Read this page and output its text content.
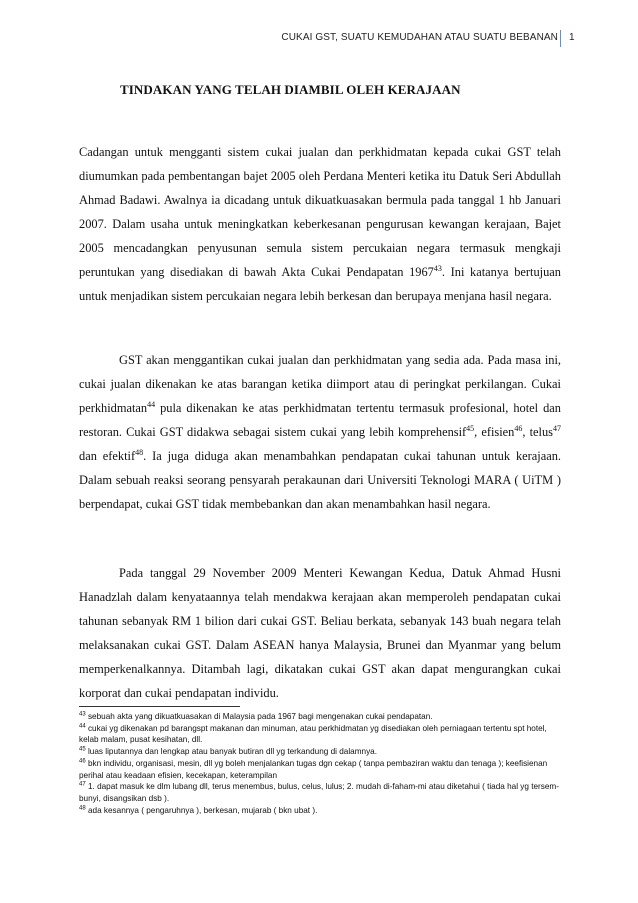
CUKAI GST, SUATU KEMUDAHAN ATAU SUATU BEBANAN 1
TINDAKAN YANG TELAH DIAMBIL OLEH KERAJAAN

Cadangan untuk mengganti sistem cukai jualan dan perkhidmatan kepada cukai GST telah diumumkan pada pembentangan bajet 2005 oleh Perdana Menteri ketika itu Datuk Seri Abdullah Ahmad Badawi. Awalnya ia dicadang untuk dikuatkuasakan bermula pada tanggal 1 hb Januari 2007. Dalam usaha untuk meningkatkan keberkesanan pengurusan kewangan kerajaan, Bajet 2005 mencadangkan penyusunan semula sistem percukaian negara termasuk mengkaji peruntukan yang disediakan di bawah Akta Cukai Pendapatan 1967$^{43}$. Ini katanya bertujuan untuk menjadikan sistem percukaian negara lebih berkesan dan berupaya menjana hasil negara.

GST akan menggantikan cukai jualan dan perkhidmatan yang sedia ada. Pada masa ini, cukai jualan dikenakan ke atas barangan ketika diimport atau di peringkat perkilangan. Cukai perkhidmatan$^{44}$ pula dikenakan ke atas perkhidmatan tertentu termasuk profesional, hotel dan restoran. Cukai GST didakwa sebagai sistem cukai yang lebih komprehensif$^{45}$, efisien$^{46}$, telus$^{47}$ dan efektif$^{48}$. Ia juga diduga akan menambahkan pendapatan cukai tahunan untuk kerajaan. Dalam sebuah reaksi seorang pensyarah perakaunan dari Universiti Teknologi MARA ( UiTM ) berpendapat, cukai GST tidak membebankan dan akan menambahkan hasil negara.

Pada tanggal 29 November 2009 Menteri Kewangan Kedua, Datuk Ahmad Husni Hanadzlah dalam kenyataannya telah mendakwa kerajaan akan memperoleh pendapatan cukai tahunan sebanyak RM 1 bilion dari cukai GST. Beliau berkata, sebanyak 143 buah negara telah melaksanakan cukai GST. Dalam ASEAN hanya Malaysia, Brunei dan Myanmar yang belum memperkenalkannya. Ditambah lagi, dikatakan cukai GST akan dapat mengurangkan cukai korporat dan cukai pendapatan individu.

$^{43}$ sebuah akta yang dikuatkuasakan di Malaysia pada 1967 bagi mengenakan cukai pendapatan.

$^{44}$ cukai yg dikenakan pd barangspt makanan dan minuman, atau perkhidmatan yg disediakan oleh perniagaan tertentu spt hotel, kelab malam, pusat kesihatan, dll.

$^{45}$ luas liputannya dan lengkap atau banyak butiran dll yg terkandung di dalamnya.

$^{46}$ bkn individu, organisasi, mesin, dll yg boleh menjalankan tugas dgn cekap ( tanpa pembaziran waktu dan tenaga ); keefisienan perihal atau keadaan efisien, kecekapan, keterampilan

$^{47}$ 1. dapat masuk ke dlm lubang dll, terus menembus, bulus, celus, lulus; 2. mudah di-faham-mi atau diketahui ( tiada hal yg tersem-bunyi, disangsikan dsb ).

$^{48}$ ada kesannya ( pengaruhnya ), berkesan, mujarab ( bkn ubat ).
